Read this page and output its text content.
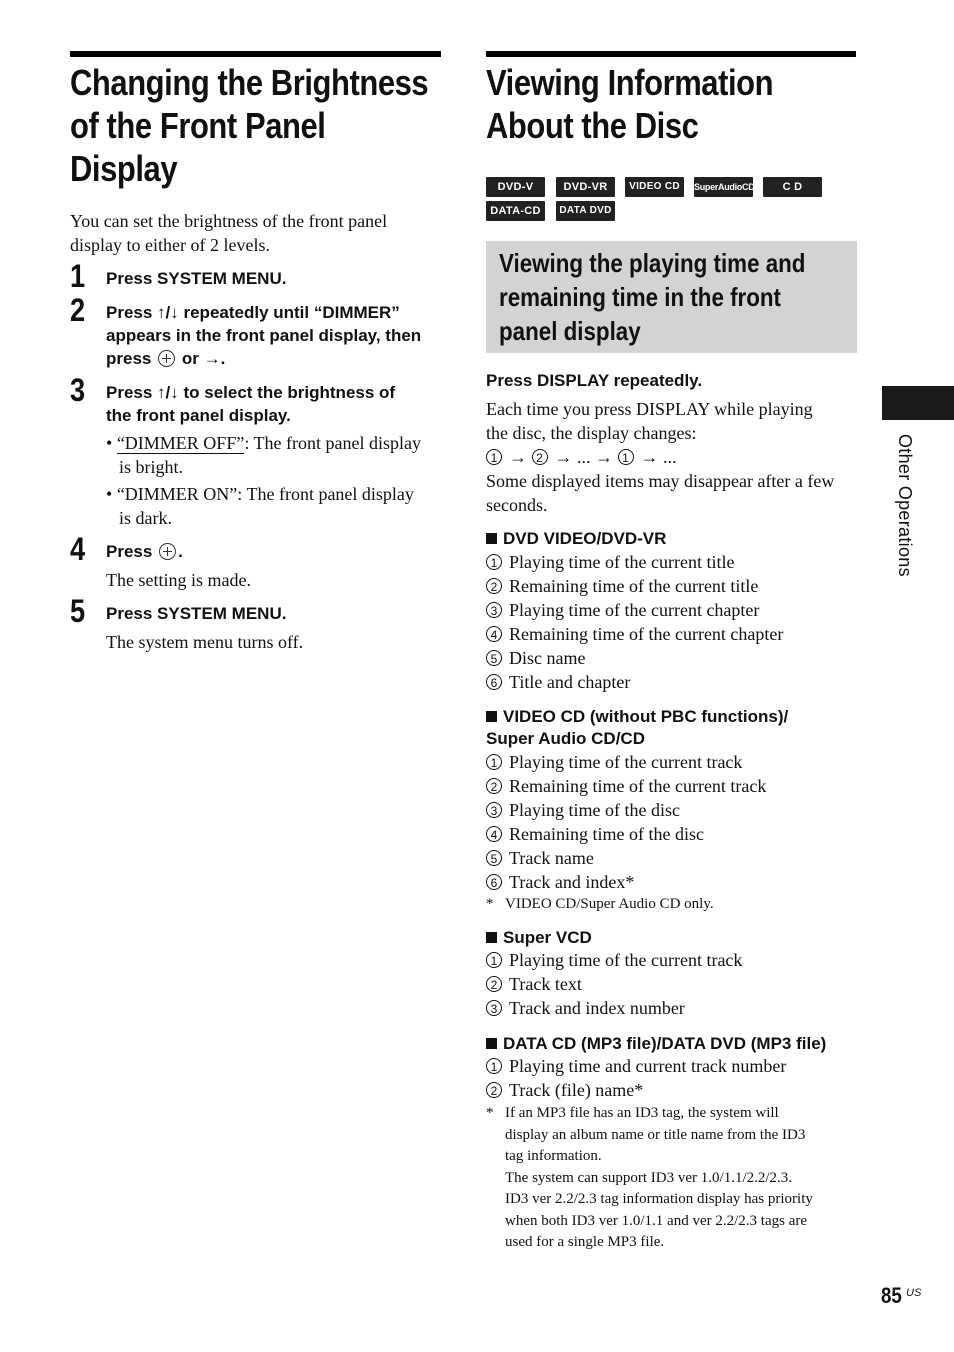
Changing the Brightness
of the Front Panel
Display
You can set the brightness of the front panel
display to either of 2 levels.
1 Press SYSTEM MENU.
2 Press ↑/↓ repeatedly until “DIMMER”
appears in the front panel display, then
press or →.
3 Press ↑/↓ to select the brightness of
the front panel display.
• “DIMMER OFF”: The front panel display
is bright.
• “DIMMER ON”: The front panel display
is dark.
4 Press .
The setting is made.
5 Press SYSTEM MENU.
The system menu turns off.
Viewing Information
About the Disc
DVD-V	DVD-VR	VIDEO CD	SuperAudioCD	C D
DATA-CD	DATA DVD
Viewing the playing time and
remaining time in the front
panel display
Press DISPLAY repeatedly.
Each time you press DISPLAY while playing
the disc, the display changes:
1 → 2 → ... → 1 → ...
Some displayed items may disappear after a few
seconds.
DVD VIDEO/DVD-VR
1 Playing time of the current title
2 Remaining time of the current title
3 Playing time of the current chapter
4 Remaining time of the current chapter
5 Disc name
6 Title and chapter
VIDEO CD (without PBC functions)/
Super Audio CD/CD
1 Playing time of the current track
2 Remaining time of the current track
3 Playing time of the disc
4 Remaining time of the disc
5 Track name
6 Track and index*
* VIDEO CD/Super Audio CD only.
Super VCD
1 Playing time of the current track
2 Track text
3 Track and index number
DATA CD (MP3 file)/DATA DVD (MP3 file)
1 Playing time and current track number
2 Track (file) name*
* If an MP3 file has an ID3 tag, the system will
display an album name or title name from the ID3
tag information.
The system can support ID3 ver 1.0/1.1/2.2/2.3.
ID3 ver 2.2/2.3 tag information display has priority
when both ID3 ver 1.0/1.1 and ver 2.2/2.3 tags are
used for a single MP3 file.
Other Operations
85 US
